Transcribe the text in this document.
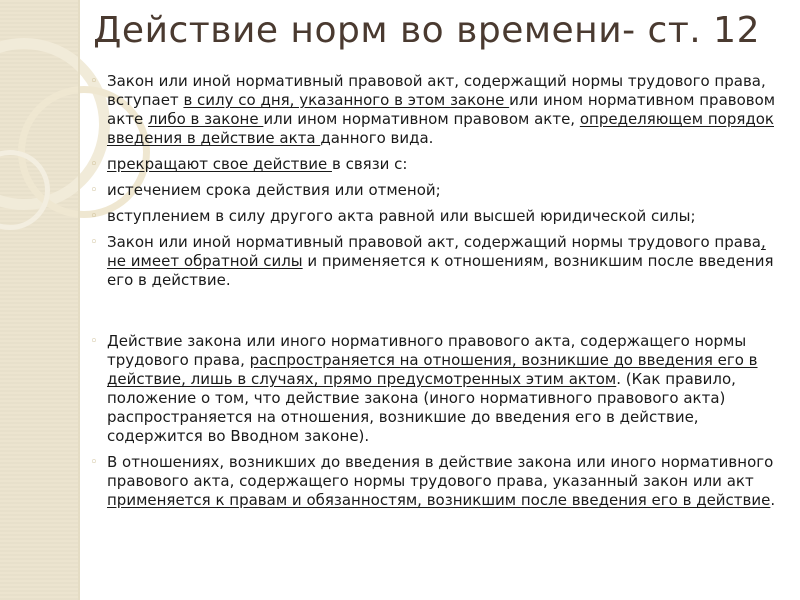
Действие норм во времени- ст. 12
◦ Закон или иной нормативный правовой акт, содержащий нормы трудового права, вступает в силу со дня, указанного в этом законе или ином нормативном правовом акте либо в законе или ином нормативном правовом акте, определяющем порядок введения в действие акта данного вида.
◦ прекращают свое действие в связи с:
◦ истечением срока действия или отменой;
◦ вступлением в силу другого акта равной или высшей юридической силы;
◦ Закон или иной нормативный правовой акт, содержащий нормы трудового права, не имеет обратной силы и применяется к отношениям, возникшим после введения его в действие.
◦ Действие закона или иного нормативного правового акта, содержащего нормы трудового права, распространяется на отношения, возникшие до введения его в действие, лишь в случаях, прямо предусмотренных этим актом. (Как правило, положение о том, что действие закона (иного нормативного правового акта) распространяется на отношения, возникшие до введения его в действие, содержится во Вводном законе).
◦ В отношениях, возникших до введения в действие закона или иного нормативного правового акта, содержащего нормы трудового права, указанный закон или акт применяется к правам и обязанностям, возникшим после введения его в действие.
